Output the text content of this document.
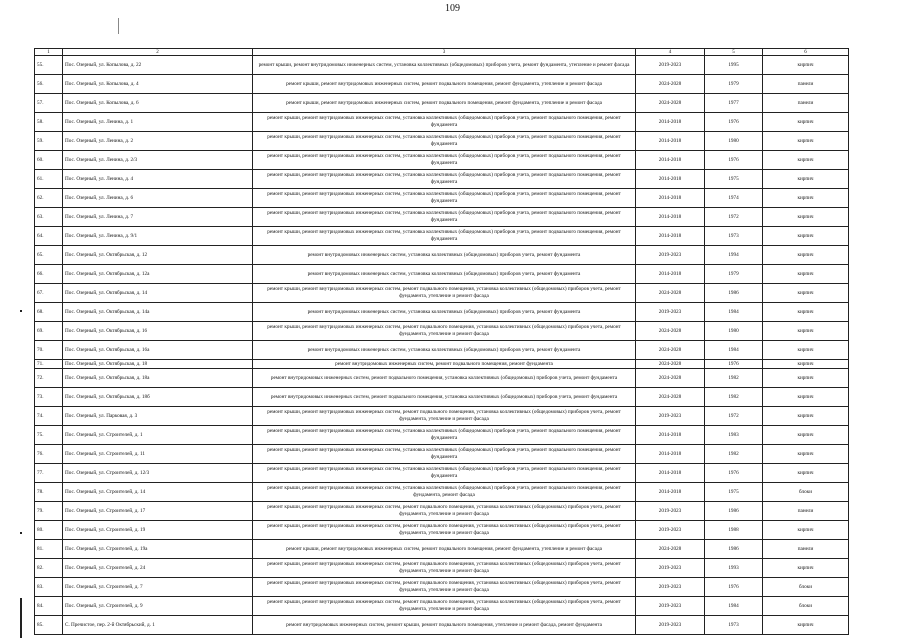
109
1	2	3	4	5	6
55.	Пос. Озерный, ул. Копылова, д. 22	ремонт крыши, ремонт внутридомовых инженерных систем, установка коллективных (общедомовых) приборов учета, ремонт фундамента, утепление и ремонт фасада	2019-2023	1995	кирпич
56.	Пос. Озерный, ул. Копылова, д. 4	ремонт крыши, ремонт внутридомовых инженерных систем, ремонт подвального помещения, ремонт фундамента, утепление и ремонт фасада	2024-2028	1979	панели
57.	Пос. Озерный, ул. Копылова, д. 6	ремонт крыши, ремонт внутридомовых инженерных систем, ремонт подвального помещения, ремонт фундамента, утепление и ремонт фасада	2024-2028	1977	панели
58.	Пос. Озерный, ул. Ленина, д. 1	ремонт крыши, ремонт внутридомовых инженерных систем, установка коллективных (общедомовых) приборов учета, ремонт подвального помещения, ремонт фундамента	2014-2018	1976	кирпич
59.	Пос. Озерный, ул. Ленина, д. 2	ремонт крыши, ремонт внутридомовых инженерных систем, установка коллективных (общедомовых) приборов учета, ремонт подвального помещения, ремонт фундамента	2014-2018	1980	кирпич
60.	Пос. Озерный, ул. Ленина, д. 2/3	ремонт крыши, ремонт внутридомовых инженерных систем, установка коллективных (общедомовых) приборов учета, ремонт подвального помещения, ремонт фундамента	2014-2018	1976	кирпич
61.	Пос. Озерный, ул. Ленина, д. 4	ремонт крыши, ремонт внутридомовых инженерных систем, установка коллективных (общедомовых) приборов учета, ремонт подвального помещения, ремонт фундамента	2014-2018	1975	кирпич
62.	Пос. Озерный, ул. Ленина, д. 6	ремонт крыши, ремонт внутридомовых инженерных систем, установка коллективных (общедомовых) приборов учета, ремонт подвального помещения, ремонт фундамента	2014-2018	1974	кирпич
63.	Пос. Озерный, ул. Ленина, д. 7	ремонт крыши, ремонт внутридомовых инженерных систем, установка коллективных (общедомовых) приборов учета, ремонт подвального помещения, ремонт фундамента	2014-2018	1972	кирпич
64.	Пос. Озерный, ул. Ленина, д. 9/1	ремонт крыши, ремонт внутридомовых инженерных систем, установка коллективных (общедомовых) приборов учета, ремонт подвального помещения, ремонт фундамента	2014-2018	1973	кирпич
65.	Пос. Озерный, ул. Октябрьская, д. 12	ремонт внутридомовых инженерных систем, установка коллективных (общедомовых) приборов учета, ремонт фундамента	2019-2023	1994	кирпич
66.	Пос. Озерный, ул. Октябрьская, д. 12а	ремонт внутридомовых инженерных систем, установка коллективных (общедомовых) приборов учета, ремонт фундамента	2014-2018	1979	кирпич
67.	Пос. Озерный, ул. Октябрьская, д. 14	ремонт крыши, ремонт внутридомовых инженерных систем, ремонт подвального помещения, установка коллективных (общедомовых) приборов учета, ремонт фундамента, утепление и ремонт фасада	2024-2028	1986	кирпич
68.	Пос. Озерный, ул. Октябрьская, д. 14а	ремонт внутридомовых инженерных систем, установка коллективных (общедомовых) приборов учета, ремонт фундамента	2019-2023	1984	кирпич
69.	Пос. Озерный, ул. Октябрьская, д. 16	ремонт крыши, ремонт внутридомовых инженерных систем, ремонт подвального помещения, установка коллективных (общедомовых) приборов учета, ремонт фундамента, утепление и ремонт фасада	2024-2028	1980	кирпич
70.	Пос. Озерный, ул. Октябрьская, д. 16а	ремонт внутридомовых инженерных систем, установка коллективных (общедомовых) приборов учета, ремонт фундамента	2024-2028	1984	кирпич
71.	Пос. Озерный, ул. Октябрьская, д. 18	ремонт внутридомовых инженерных систем, ремонт подвального помещения, ремонт фундамента	2024-2028	1976	кирпич
72.	Пос. Озерный, ул. Октябрьская, д. 18а	ремонт внутридомовых инженерных систем, ремонт подвального помещения, установка коллективных (общедомовых) приборов учета, ремонт фундамента	2024-2028	1982	кирпич
73.	Пос. Озерный, ул. Октябрьская, д. 18б	ремонт внутридомовых инженерных систем, ремонт подвального помещения, установка коллективных (общедомовых) приборов учета, ремонт фундамента	2024-2028	1982	кирпич
74.	Пос. Озерный, ул. Парковая, д. 3	ремонт крыши, ремонт внутридомовых инженерных систем, ремонт подвального помещения, установка коллективных (общедомовых) приборов учета, ремонт фундамента, утепление и ремонт фасада	2019-2023	1972	кирпич
75.	Пос. Озерный, ул. Строителей, д. 1	ремонт крыши, ремонт внутридомовых инженерных систем, установка коллективных (общедомовых) приборов учета, ремонт подвального помещения, ремонт фундамента	2014-2018	1983	кирпич
76.	Пос. Озерный, ул. Строителей, д. 11	ремонт крыши, ремонт внутридомовых инженерных систем, установка коллективных (общедомовых) приборов учета, ремонт подвального помещения, ремонт фундамента	2014-2018	1982	кирпич
77.	Пос. Озерный, ул. Строителей, д. 12/3	ремонт крыши, ремонт внутридомовых инженерных систем, установка коллективных (общедомовых) приборов учета, ремонт подвального помещения, ремонт фундамента	2014-2018	1976	кирпич
78.	Пос. Озерный, ул. Строителей, д. 14	ремонт крыши, ремонт внутридомовых инженерных систем, установка коллективных (общедомовых) приборов учета, ремонт подвального помещения, ремонт фундамента, ремонт фасада	2014-2018	1975	блоки
79.	Пос. Озерный, ул. Строителей, д. 17	ремонт крыши, ремонт внутридомовых инженерных систем, ремонт подвального помещения, установка коллективных (общедомовых) приборов учета, ремонт фундамента, утепление и ремонт фасада	2019-2023	1986	панели
80.	Пос. Озерный, ул. Строителей, д. 19	ремонт крыши, ремонт внутридомовых инженерных систем, ремонт подвального помещения, установка коллективных (общедомовых) приборов учета, ремонт фундамента, утепление и ремонт фасада	2019-2023	1988	кирпич
81.	Пос. Озерный, ул. Строителей, д. 19а	ремонт крыши, ремонт внутридомовых инженерных систем, ремонт подвального помещения, ремонт фундамента, утепление и ремонт фасада	2024-2028	1986	панели
82.	Пос. Озерный, ул. Строителей, д. 24	ремонт крыши, ремонт внутридомовых инженерных систем, ремонт подвального помещения, установка коллективных (общедомовых) приборов учета, ремонт фундамента, утепление и ремонт фасада	2019-2023	1993	кирпич
83.	Пос. Озерный, ул. Строителей, д. 7	ремонт крыши, ремонт внутридомовых инженерных систем, ремонт подвального помещения, установка коллективных (общедомовых) приборов учета, ремонт фундамента, утепление и ремонт фасада	2019-2023	1976	блоки
84.	Пос. Озерный, ул. Строителей, д. 9	ремонт крыши, ремонт внутридомовых инженерных систем, ремонт подвального помещения, установка коллективных (общедомовых) приборов учета, ремонт фундамента, утепление и ремонт фасада	2019-2023	1984	блоки
85.	С. Пречистое, пер. 2-й Октябрьский, д. 1	ремонт внутридомовых инженерных систем, ремонт крыши, ремонт подвального помещения, утепление и ремонт фасада, ремонт фундамента	2019-2023	1973	кирпич
